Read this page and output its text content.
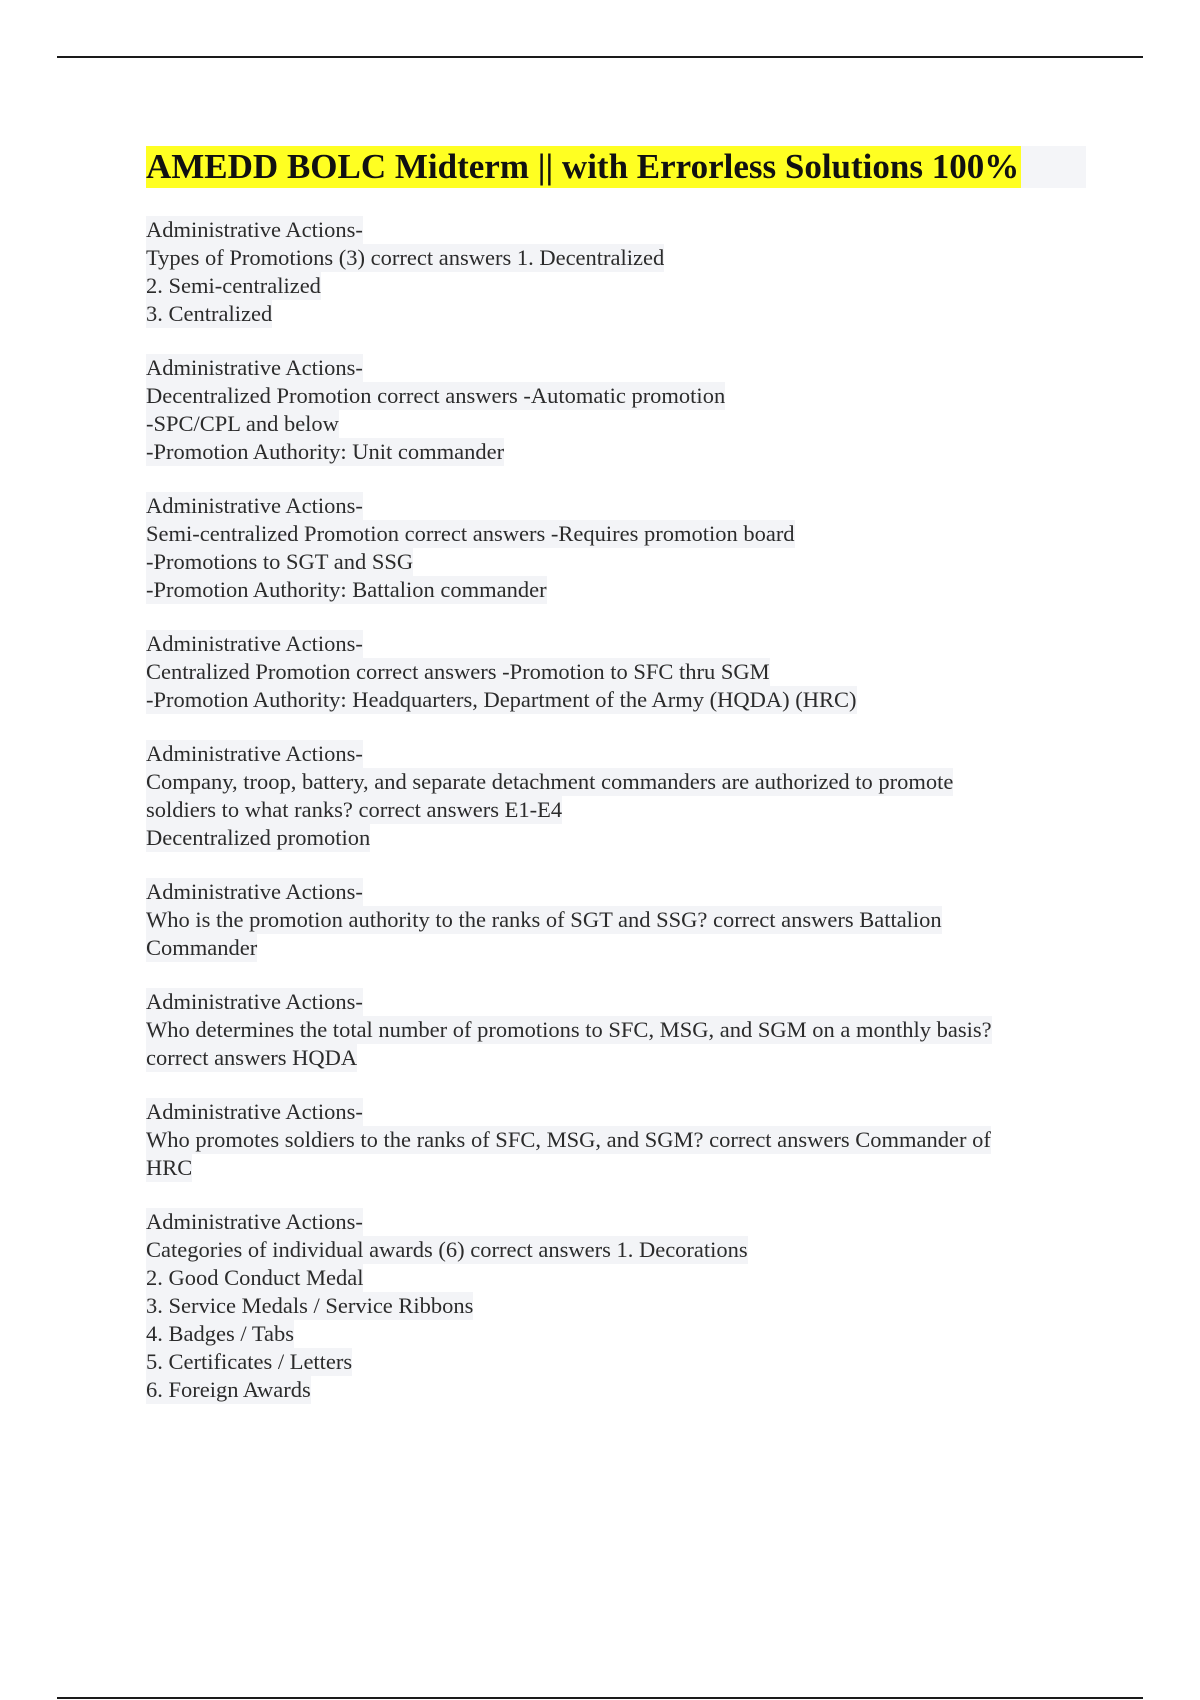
AMEDD BOLC Midterm || with Errorless Solutions 100%
Administrative Actions-
Types of Promotions (3) correct answers 1. Decentralized
2. Semi-centralized
3. Centralized
Administrative Actions-
Decentralized Promotion correct answers -Automatic promotion
-SPC/CPL and below
-Promotion Authority: Unit commander
Administrative Actions-
Semi-centralized Promotion correct answers -Requires promotion board
-Promotions to SGT and SSG
-Promotion Authority: Battalion commander
Administrative Actions-
Centralized Promotion correct answers -Promotion to SFC thru SGM
-Promotion Authority: Headquarters, Department of the Army (HQDA) (HRC)
Administrative Actions-
Company, troop, battery, and separate detachment commanders are authorized to promote
soldiers to what ranks? correct answers E1-E4
Decentralized promotion
Administrative Actions-
Who is the promotion authority to the ranks of SGT and SSG? correct answers Battalion
Commander
Administrative Actions-
Who determines the total number of promotions to SFC, MSG, and SGM on a monthly basis?
correct answers HQDA
Administrative Actions-
Who promotes soldiers to the ranks of SFC, MSG, and SGM? correct answers Commander of
HRC
Administrative Actions-
Categories of individual awards (6) correct answers 1. Decorations
2. Good Conduct Medal
3. Service Medals / Service Ribbons
4. Badges / Tabs
5. Certificates / Letters
6. Foreign Awards
